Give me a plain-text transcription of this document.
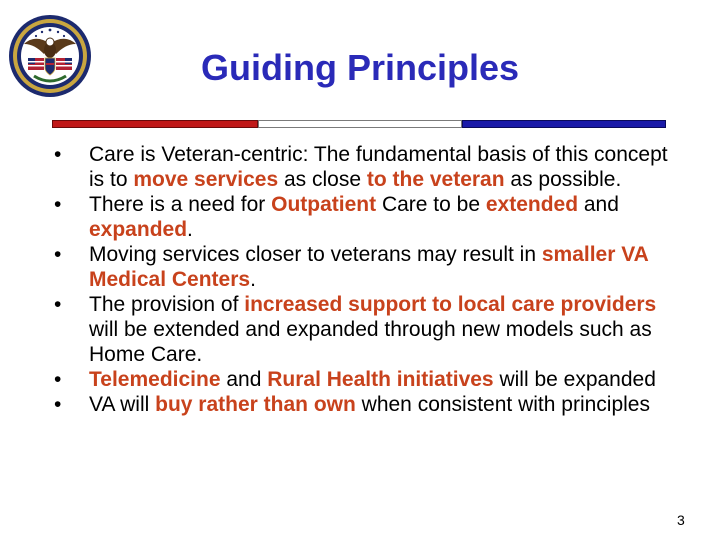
Guiding Principles
• Care is Veteran-centric: The fundamental basis of this concept is to move services as close to the veteran as possible.
• There is a need for Outpatient Care to be extended and expanded.
• Moving services closer to veterans may result in smaller VA Medical Centers.
• The provision of increased support to local care providers will be extended and expanded through new models such as Home Care.
• Telemedicine and Rural Health initiatives will be expanded
• VA will buy rather than own when consistent with principles
3
